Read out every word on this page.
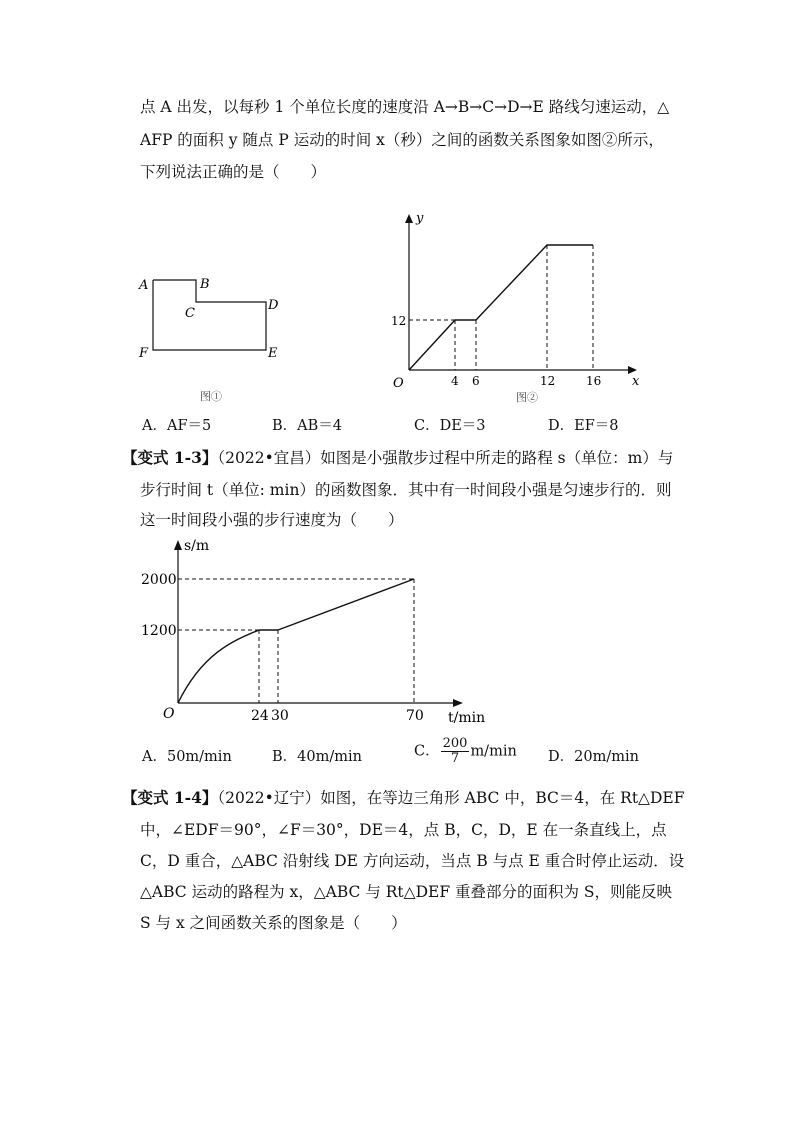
点 A 出发，以每秒 1 个单位长度的速度沿 A→B→C→D→E 路线匀速运动，△
AFP 的面积 y 随点 P 运动的时间 x（秒）之间的函数关系图象如图②所示，
下列说法正确的是（　　）
A	B
C
D
E
F
图①
y
x
O
12
4 6	12	16
图②
A．AF＝5	B．AB＝4	C．DE＝3	D．EF＝8
【变式 1-3】（2022•宜昌）如图是小强散步过程中所走的路程 s（单位：m）与
步行时间 t（单位: min）的函数图象．其中有一时间段小强是匀速步行的．则
这一时间段小强的步行速度为（　　）
s/m
t/min
O
2000
1200
24 30	70
A．50m/min	B．40m/min	C． $\frac{200}{7} m/\min$ D．20m/min
【变式 1-4】（2022•辽宁）如图，在等边三角形 ABC 中，BC＝4，在 Rt△DEF
中，∠EDF＝90°，∠F＝30°，DE＝4，点 B，C，D，E 在一条直线上，点
C，D 重合，△ABC 沿射线 DE 方向运动，当点 B 与点 E 重合时停止运动．设
△ABC 运动的路程为 x，△ABC 与 Rt△DEF 重叠部分的面积为 S，则能反映
S 与 x 之间函数关系的图象是（　　）
